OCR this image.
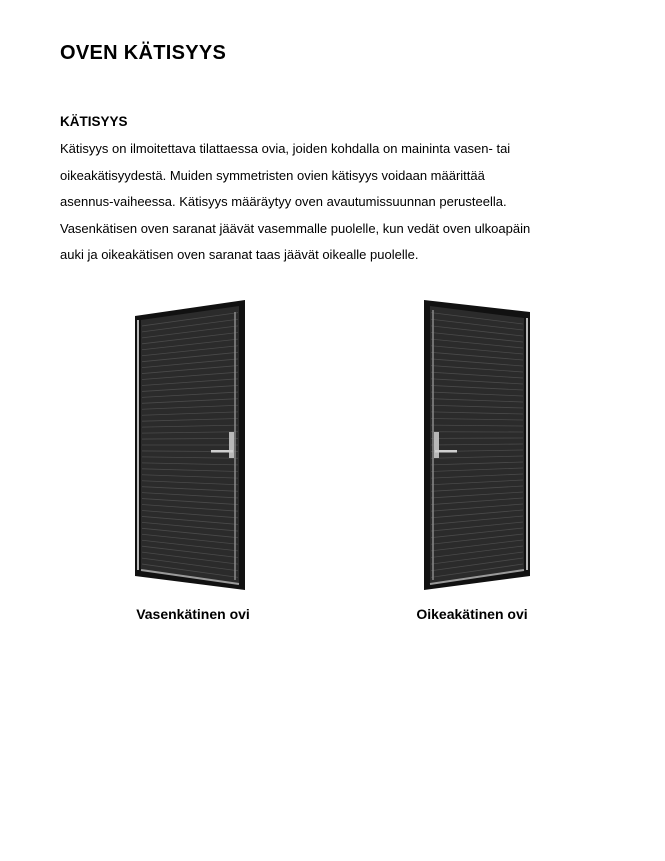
OVEN KÄTISYYS
KÄTISYYS

Kätisyys on ilmoitettava tilattaessa ovia, joiden kohdalla on maininta vasen- tai
oikeakätisyydestä. Muiden symmetristen ovien kätisyys voidaan määrittää
asennus-vaiheessa. Kätisyys määräytyy oven avautumissuunnan perusteella.
Vasenkätisen oven saranat jäävät vasemmalle puolelle, kun vedät oven ulkoapäin
auki ja oikeakätisen oven saranat taas jäävät oikealle puolelle.

Vasenkätinen ovi	Oikeakätinen ovi
